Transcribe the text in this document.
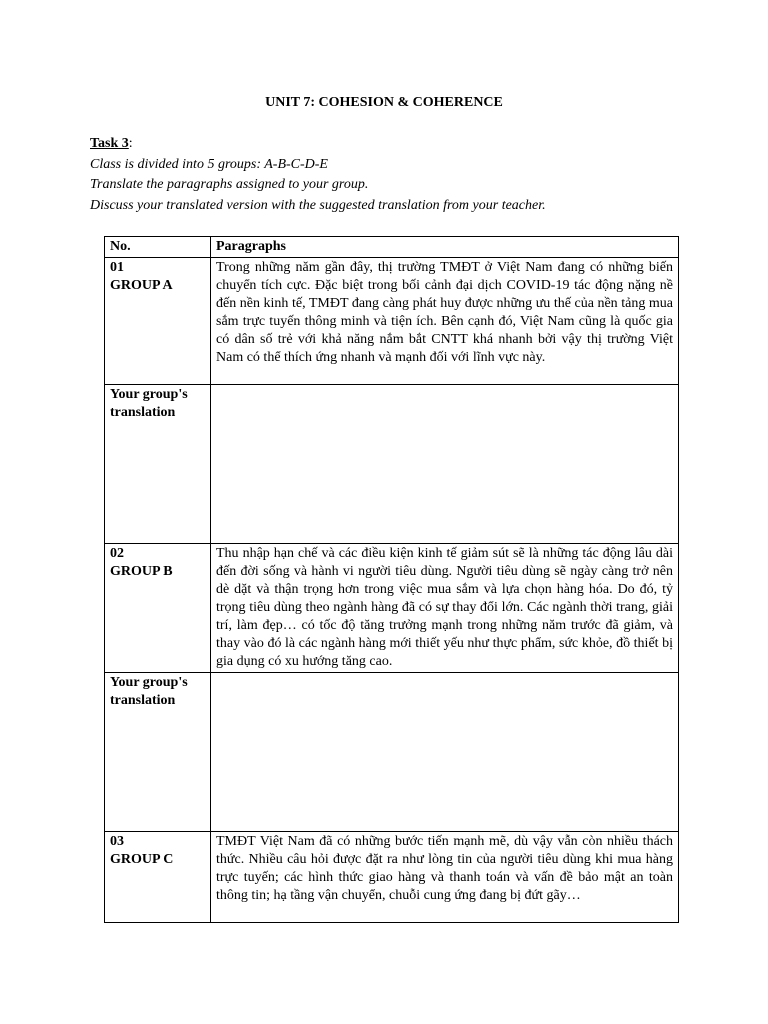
UNIT 7: COHESION & COHERENCE
Task 3:
Class is divided into 5 groups: A-B-C-D-E
Translate the paragraphs assigned to your group.
Discuss your translated version with the suggested translation from your teacher.
No.	Paragraphs

01
GROUP A	Trong những năm gần đây, thị trường TMĐT ở Việt Nam đang có những biến chuyển tích cực. Đặc biệt trong bối cảnh đại dịch COVID-19 tác động nặng nề đến nền kinh tế, TMĐT đang càng phát huy được những ưu thế của nền tảng mua sắm trực tuyến thông minh và tiện ích. Bên cạnh đó, Việt Nam cũng là quốc gia có dân số trẻ với khả năng nắm bắt CNTT khá nhanh bởi vậy thị trường Việt Nam có thể thích ứng nhanh và mạnh đối với lĩnh vực này.

Your group's translation	

02
GROUP B	Thu nhập hạn chế và các điều kiện kinh tế giảm sút sẽ là những tác động lâu dài đến đời sống và hành vi người tiêu dùng. Người tiêu dùng sẽ ngày càng trở nên dè dặt và thận trọng hơn trong việc mua sắm và lựa chọn hàng hóa. Do đó, tỷ trọng tiêu dùng theo ngành hàng đã có sự thay đổi lớn. Các ngành thời trang, giải trí, làm đẹp… có tốc độ tăng trưởng mạnh trong những năm trước đã giảm, và thay vào đó là các ngành hàng mới thiết yếu như thực phẩm, sức khỏe, đồ thiết bị gia dụng có xu hướng tăng cao.

Your group's translation	

03
GROUP C	TMĐT Việt Nam đã có những bước tiến mạnh mẽ, dù vậy vẫn còn nhiều thách thức. Nhiều câu hỏi được đặt ra như lòng tin của người tiêu dùng khi mua hàng trực tuyến; các hình thức giao hàng và thanh toán và vấn đề bảo mật an toàn thông tin; hạ tầng vận chuyển, chuỗi cung ứng đang bị đứt gãy…
